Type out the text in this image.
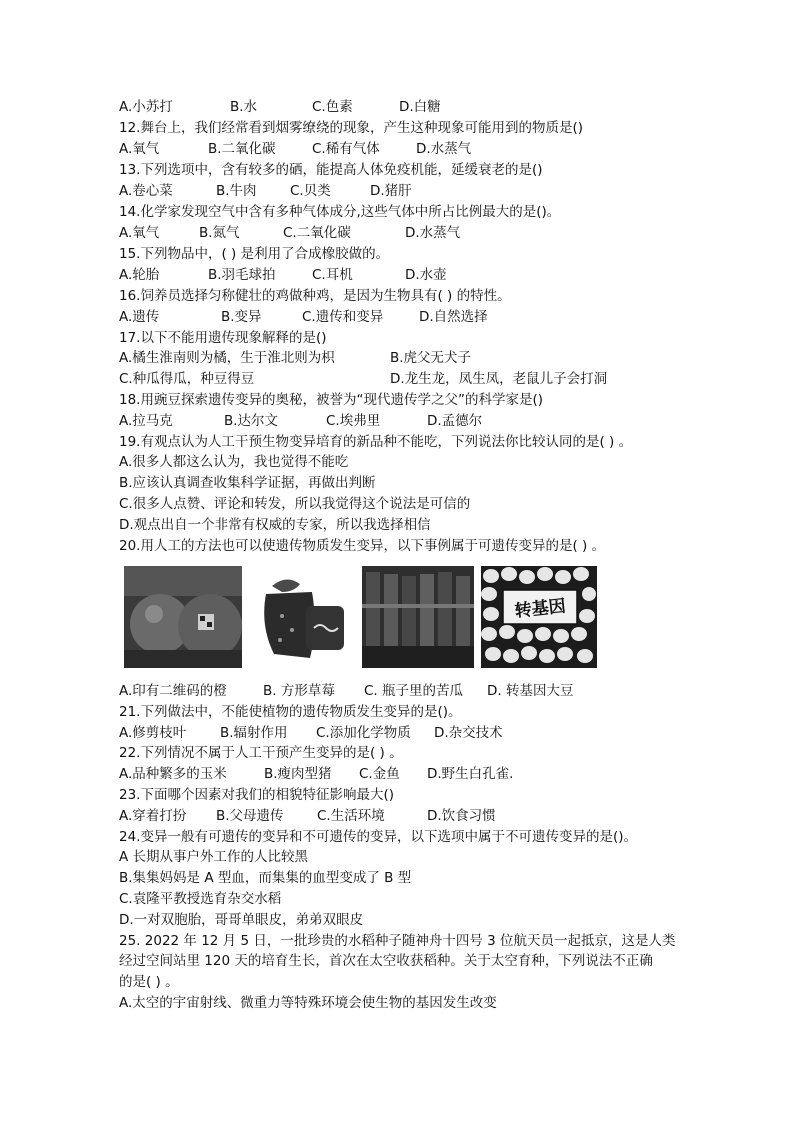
A.小苏打	B.水	C.色素	D.白糖
12.舞台上，我们经常看到烟雾缭绕的现象，产生这种现象可能用到的物质是()
A.氧气	B.二氧化碳	C.稀有气体	D.水蒸气
13.下列选项中，含有较多的硒，能提高人体免疫机能，延缓衰老的是()
A.卷心菜	B.牛肉 C.贝类	D.猪肝
14.化学家发现空气中含有多种气体成分,这些气体中所占比例最大的是()。
A.氧气	B.氮气	C.二氧化碳	D.水蒸气
15.下列物品中，( ) 是利用了合成橡胶做的。
A.轮胎	B.羽毛球拍	C.耳机	D.水壶
16.饲养员选择匀称健壮的鸡做种鸡，是因为生物具有( ) 的特性。
A.遗传	B.变异	C.遗传和变异	D.自然选择
17.以下不能用遗传现象解释的是()
A.橘生淮南则为橘，生于淮北则为枳	B.虎父无犬子
C.种瓜得瓜，种豆得豆	D.龙生龙，凤生凤，老鼠儿子会打洞
18.用豌豆探索遗传变异的奥秘，被誉为“现代遗传学之父”的科学家是()
A.拉马克	B.达尔文	C.埃弗里	D.孟德尔
19.有观点认为人工干预生物变异培育的新品种不能吃，下列说法你比较认同的是( ) 。
A.很多人都这么认为，我也觉得不能吃
B.应该认真调查收集科学证据，再做出判断
C.很多人点赞、评论和转发，所以我觉得这个说法是可信的
D.观点出自一个非常有权威的专家，所以我选择相信
20.用人工的方法也可以使遗传物质发生变异，以下事例属于可遗传变异的是( ) 。
转基因
A.印有二维码的橙	B. 方形草莓 C. 瓶子里的苦瓜 D. 转基因大豆
21.下列做法中，不能使植物的遗传物质发生变异的是()。
A.修剪枝叶 B.辐射作用 C.添加化学物质 D.杂交技术
22.下列情况不属于人工干预产生变异的是( ) 。
A.品种繁多的玉米	B.瘦肉型猪 C.金鱼 D.野生白孔雀.
23.下面哪个因素对我们的相貌特征影响最大()
A.穿着打扮 B.父母遗传 C.生活环境	D.饮食习惯
24.变异一般有可遗传的变异和不可遗传的变异，以下选项中属于不可遗传变异的是()。
A 长期从事户外工作的人比较黑
B.集集妈妈是 A 型血，而集集的血型变成了 B 型
C.袁隆平教授选育杂交水稻
D.一对双胞胎，哥哥单眼皮，弟弟双眼皮
25. 2022 年 12 月 5 日，一批珍贵的水稻种子随神舟十四号 3 位航天员一起抵京，这是人类
经过空间站里 120 天的培育生长，首次在太空收获稻种。关于太空育种，下列说法不正确
的是( ) 。
A.太空的宇宙射线、微重力等特殊环境会使生物的基因发生改变
